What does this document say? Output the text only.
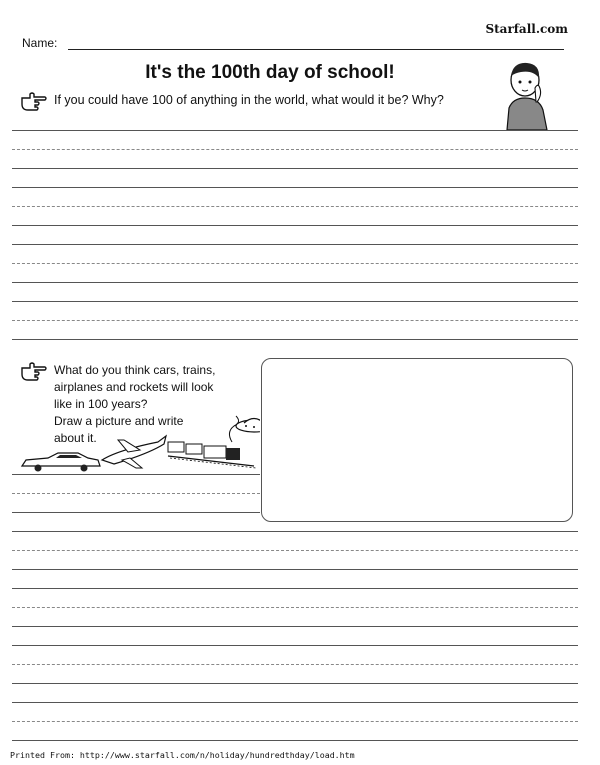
Starfall.com
Name:
It's the 100th day of school!
If you could have 100 of anything in the world, what would it be? Why?
What do you think cars, trains,
airplanes and rockets will look
like in 100 years?
Draw a picture and write
about it.
Printed From: http://www.starfall.com/n/holiday/hundredthday/load.htm
